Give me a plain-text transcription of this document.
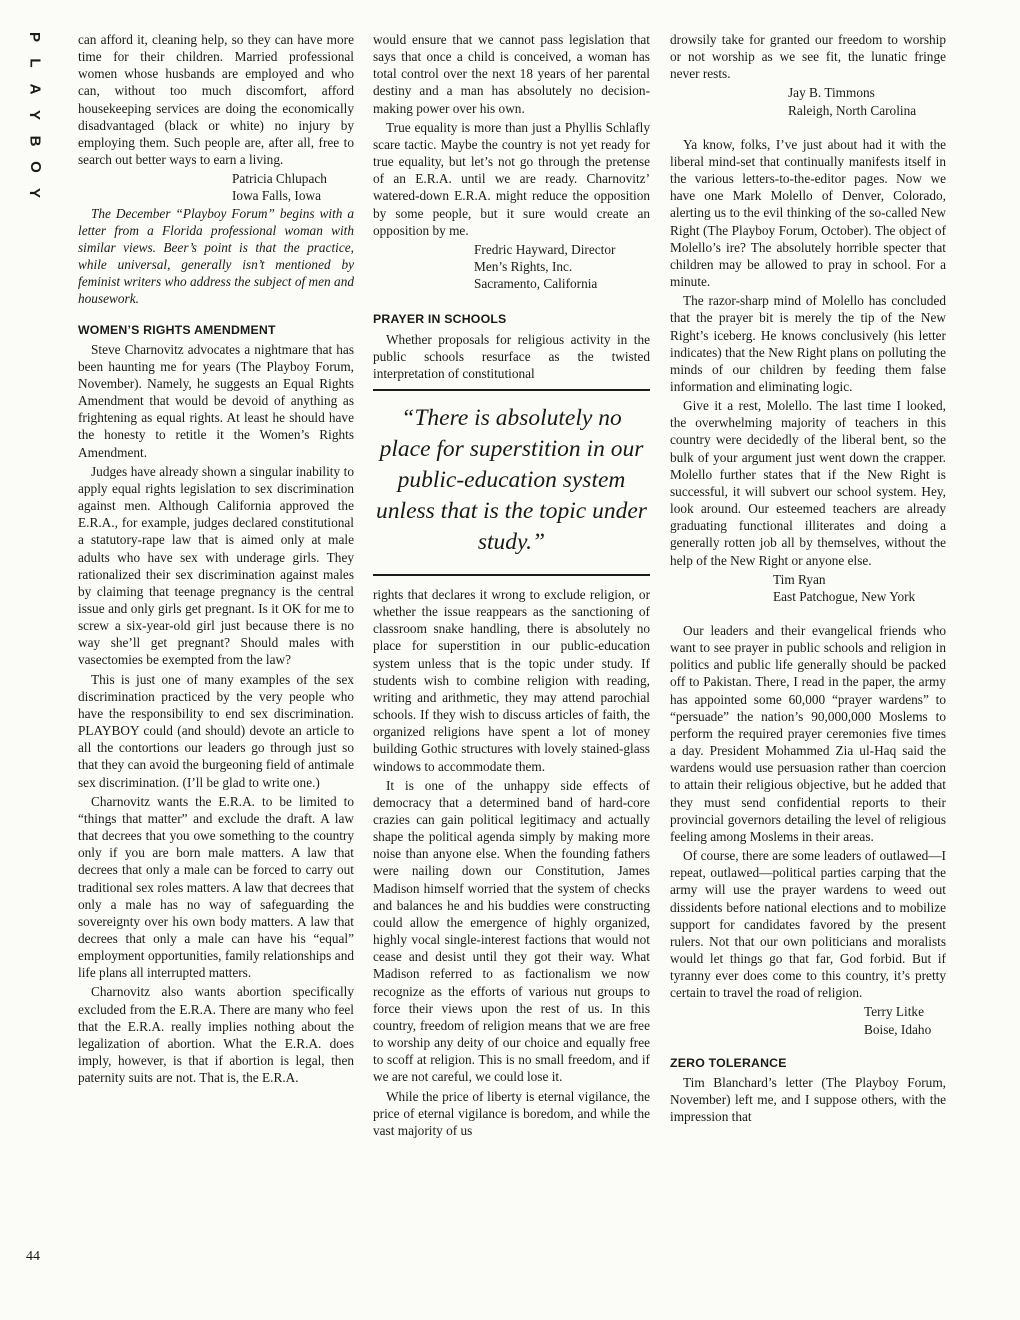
P
L
A
Y
B
O
Y
44

can afford it, cleaning help, so they can have more time for their children. Married professional women whose husbands are employed and who can, without too much discomfort, afford housekeeping services are doing the economically disadvantaged (black or white) no injury by employing them. Such people are, after all, free to search out better ways to earn a living.

Patricia Chlupach

Iowa Falls, Iowa

The December “Playboy Forum” begins with a letter from a Florida professional woman with similar views. Beer’s point is that the practice, while universal, generally isn’t mentioned by feminist writers who address the subject of men and housework.

WOMEN’S RIGHTS AMENDMENT

Steve Charnovitz advocates a nightmare that has been haunting me for years (The Playboy Forum, November). Namely, he suggests an Equal Rights Amendment that would be devoid of anything as frightening as equal rights. At least he should have the honesty to retitle it the Women’s Rights Amendment.

Judges have already shown a singular inability to apply equal rights legislation to sex discrimination against men. Although California approved the E.R.A., for example, judges declared constitutional a statutory-rape law that is aimed only at male adults who have sex with underage girls. They rationalized their sex discrimination against males by claiming that teenage pregnancy is the central issue and only girls get pregnant. Is it OK for me to screw a six-year-old girl just because there is no way she’ll get pregnant? Should males with vasectomies be exempted from the law?

This is just one of many examples of the sex discrimination practiced by the very people who have the responsibility to end sex discrimination. PLAYBOY could (and should) devote an article to all the contortions our leaders go through just so that they can avoid the burgeoning field of antimale sex discrimination. (I’ll be glad to write one.)

Charnovitz wants the E.R.A. to be limited to “things that matter” and exclude the draft. A law that decrees that you owe something to the country only if you are born male matters. A law that decrees that only a male can be forced to carry out traditional sex roles matters. A law that decrees that only a male has no way of safeguarding the sovereignty over his own body matters. A law that decrees that only a male can have his “equal” employment opportunities, family relationships and life plans all interrupted matters.

Charnovitz also wants abortion specifically excluded from the E.R.A. There are many who feel that the E.R.A. really implies nothing about the legalization of abortion. What the E.R.A. does imply, however, is that if abortion is legal, then paternity suits are not. That is, the E.R.A.

would ensure that we cannot pass legislation that says that once a child is conceived, a woman has total control over the next 18 years of her parental destiny and a man has absolutely no decision-making power over his own.

True equality is more than just a Phyllis Schlafly scare tactic. Maybe the country is not yet ready for true equality, but let’s not go through the pretense of an E.R.A. until we are ready. Charnovitz’ watered-down E.R.A. might reduce the opposition by some people, but it sure would create an opposition by me.

Fredric Hayward, Director

Men’s Rights, Inc.

Sacramento, California

PRAYER IN SCHOOLS

Whether proposals for religious activity in the public schools resurface as the twisted interpretation of constitutional

“There is absolutely no place for superstition in our public-education system unless that is the topic under study.”

rights that declares it wrong to exclude religion, or whether the issue reappears as the sanctioning of classroom snake handling, there is absolutely no place for superstition in our public-education system unless that is the topic under study. If students wish to combine religion with reading, writing and arithmetic, they may attend parochial schools. If they wish to discuss articles of faith, the organized religions have spent a lot of money building Gothic structures with lovely stained-glass windows to accommodate them.

It is one of the unhappy side effects of democracy that a determined band of hard-core crazies can gain political legitimacy and actually shape the political agenda simply by making more noise than anyone else. When the founding fathers were nailing down our Constitution, James Madison himself worried that the system of checks and balances he and his buddies were constructing could allow the emergence of highly organized, highly vocal single-interest factions that would not cease and desist until they got their way. What Madison referred to as factionalism we now recognize as the efforts of various nut groups to force their views upon the rest of us. In this country, freedom of religion means that we are free to worship any deity of our choice and equally free to scoff at religion. This is no small freedom, and if we are not careful, we could lose it.

While the price of liberty is eternal vigilance, the price of eternal vigilance is boredom, and while the vast majority of us

drowsily take for granted our freedom to worship or not worship as we see fit, the lunatic fringe never rests.

Jay B. Timmons

Raleigh, North Carolina

Ya know, folks, I’ve just about had it with the liberal mind-set that continually manifests itself in the various letters-to-the-editor pages. Now we have one Mark Molello of Denver, Colorado, alerting us to the evil thinking of the so-called New Right (The Playboy Forum, October). The object of Molello’s ire? The absolutely horrible specter that children may be allowed to pray in school. For a minute.

The razor-sharp mind of Molello has concluded that the prayer bit is merely the tip of the New Right’s iceberg. He knows conclusively (his letter indicates) that the New Right plans on polluting the minds of our children by feeding them false information and eliminating logic.

Give it a rest, Molello. The last time I looked, the overwhelming majority of teachers in this country were decidedly of the liberal bent, so the bulk of your argument just went down the crapper. Molello further states that if the New Right is successful, it will subvert our school system. Hey, look around. Our esteemed teachers are already graduating functional illiterates and doing a generally rotten job all by themselves, without the help of the New Right or anyone else.

Tim Ryan

East Patchogue, New York

Our leaders and their evangelical friends who want to see prayer in public schools and religion in politics and public life generally should be packed off to Pakistan. There, I read in the paper, the army has appointed some 60,000 “prayer wardens” to “persuade” the nation’s 90,000,000 Moslems to perform the required prayer ceremonies five times a day. President Mohammed Zia ul-Haq said the wardens would use persuasion rather than coercion to attain their religious objective, but he added that they must send confidential reports to their provincial governors detailing the level of religious feeling among Moslems in their areas.

Of course, there are some leaders of outlawed—I repeat, outlawed—political parties carping that the army will use the prayer wardens to weed out dissidents before national elections and to mobilize support for candidates favored by the present rulers. Not that our own politicians and moralists would let things go that far, God forbid. But if tyranny ever does come to this country, it’s pretty certain to travel the road of religion.

Terry Litke

Boise, Idaho

ZERO TOLERANCE

Tim Blanchard’s letter (The Playboy Forum, November) left me, and I suppose others, with the impression that
